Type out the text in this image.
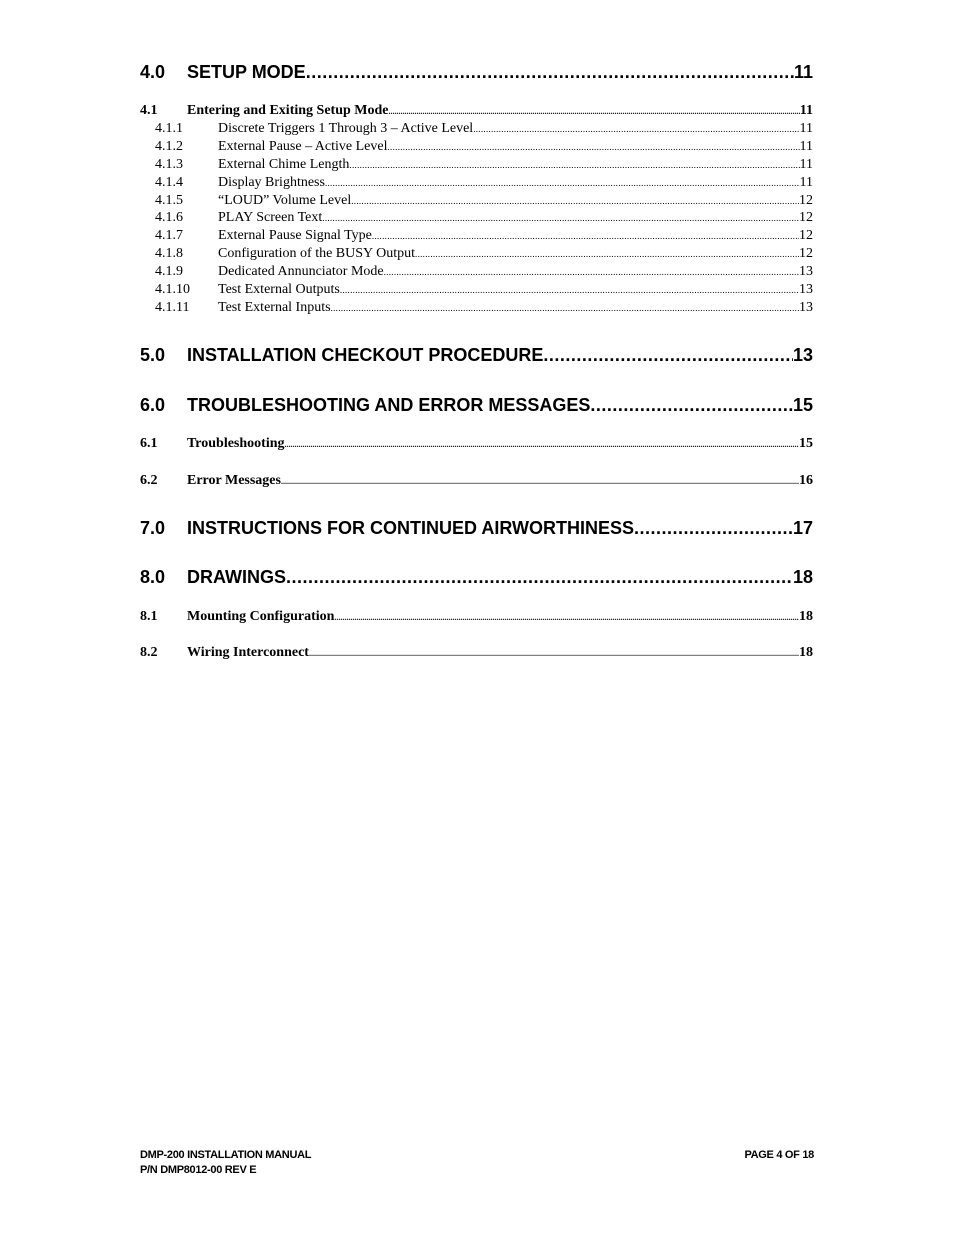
4.0	SETUP MODE .....	11
4.1	Entering and Exiting Setup Mode .....	11
4.1.1	Discrete Triggers 1 Through 3 – Active Level .....	11
4.1.2	External Pause – Active Level .....	11
4.1.3	External Chime Length .....	11
4.1.4	Display Brightness .....	11
4.1.5	“LOUD” Volume Level .....	12
4.1.6	PLAY Screen Text .....	12
4.1.7	External Pause Signal Type .....	12
4.1.8	Configuration of the BUSY Output .....	12
4.1.9	Dedicated Annunciator Mode .....	13
4.1.10	Test External Outputs .....	13
4.1.11	Test External Inputs .....	13
5.0	INSTALLATION CHECKOUT PROCEDURE .....	13
6.0	TROUBLESHOOTING AND ERROR MESSAGES .....	15
6.1	Troubleshooting .....	15
6.2	Error Messages .....	16
7.0	INSTRUCTIONS FOR CONTINUED AIRWORTHINESS .....	17
8.0	DRAWINGS .....	18
8.1	Mounting Configuration .....	18
8.2	Wiring Interconnect .....	18
DMP-200 INSTALLATION MANUAL
P/N DMP8012-00 REV E
PAGE 4 OF 18
